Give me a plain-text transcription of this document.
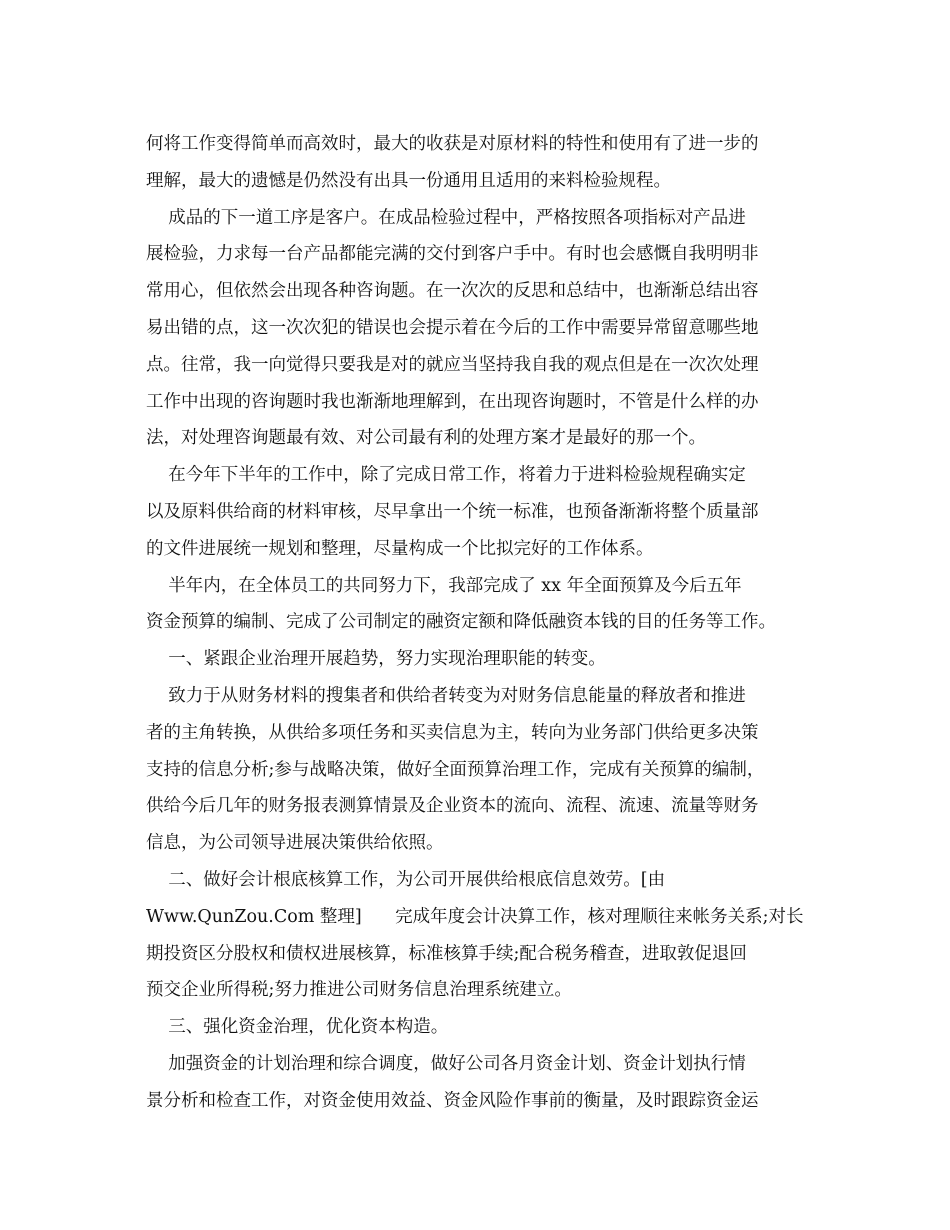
何将工作变得简单而高效时，最大的收获是对原材料的特性和使用有了进一步的
理解，最大的遗憾是仍然没有出具一份通用且适用的来料检验规程。
成品的下一道工序是客户。在成品检验过程中，严格按照各项指标对产品进
展检验，力求每一台产品都能完满的交付到客户手中。有时也会感慨自我明明非
常用心，但依然会出现各种咨询题。在一次次的反思和总结中，也渐渐总结出容
易出错的点，这一次次犯的错误也会提示着在今后的工作中需要异常留意哪些地
点。往常，我一向觉得只要我是对的就应当坚持我自我的观点但是在一次次处理
工作中出现的咨询题时我也渐渐地理解到，在出现咨询题时，不管是什么样的办
法，对处理咨询题最有效、对公司最有利的处理方案才是最好的那一个。
在今年下半年的工作中，除了完成日常工作，将着力于进料检验规程确实定
以及原料供给商的材料审核，尽早拿出一个统一标准，也预备渐渐将整个质量部
的文件进展统一规划和整理，尽量构成一个比拟完好的工作体系。
半年内，在全体员工的共同努力下，我部完成了 xx 年全面预算及今后五年
资金预算的编制、完成了公司制定的融资定额和降低融资本钱的目的任务等工作。
一、紧跟企业治理开展趋势，努力实现治理职能的转变。
致力于从财务材料的搜集者和供给者转变为对财务信息能量的释放者和推进
者的主角转换，从供给多项任务和买卖信息为主，转向为业务部门供给更多决策
支持的信息分析;参与战略决策，做好全面预算治理工作，完成有关预算的编制，
供给今后几年的财务报表测算情景及企业资本的流向、流程、流速、流量等财务
信息，为公司领导进展决策供给依照。
二、做好会计根底核算工作，为公司开展供给根底信息效劳。[由
Www.QunZou.Com 整理]      完成年度会计决算工作，核对理顺往来帐务关系;对长
期投资区分股权和债权进展核算，标准核算手续;配合税务稽查，进取敦促退回
预交企业所得税;努力推进公司财务信息治理系统建立。
三、强化资金治理，优化资本构造。
加强资金的计划治理和综合调度，做好公司各月资金计划、资金计划执行情
景分析和检查工作，对资金使用效益、资金风险作事前的衡量，及时跟踪资金运
